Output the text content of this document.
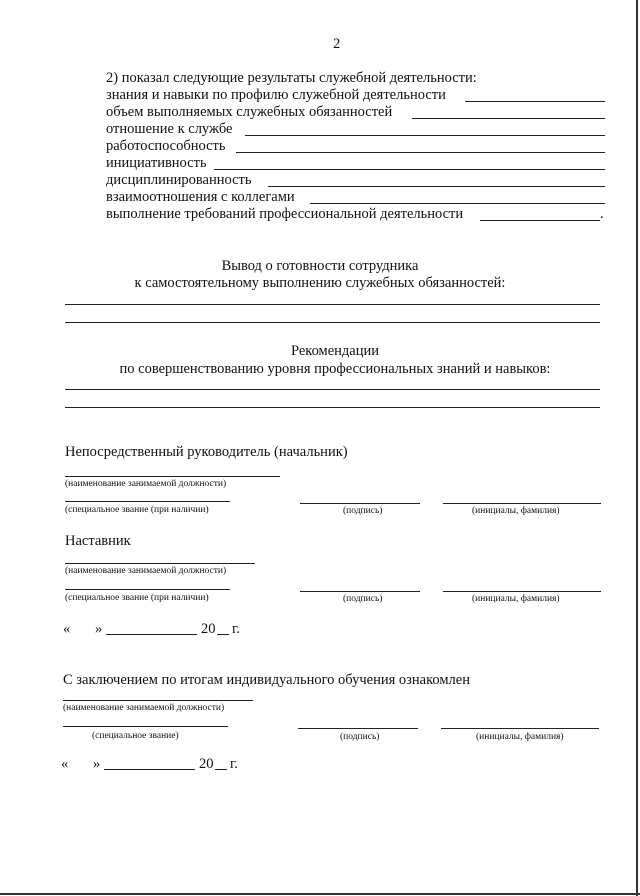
2
2) показал следующие результаты служебной деятельности:
знания и навыки по профилю служебной деятельности
объем выполняемых служебных обязанностей
отношение к службе
работоспособность
инициативность
дисциплинированность
взаимоотношения с коллегами
выполнение требований профессиональной деятельности	.
Вывод о готовности сотрудника
к самостоятельному выполнению служебных обязанностей:
Рекомендации
по совершенствованию уровня профессиональных знаний и навыков:
Непосредственный руководитель (начальник)
(наименование занимаемой должности)
(специальное звание (при наличии)	(подпись)	(инициалы, фамилия)
Наставник
(наименование занимаемой должности)
(специальное звание (при наличии)	(подпись)	(инициалы, фамилия)
« »	20 г.
С заключением по итогам индивидуального обучения ознакомлен
(наименование занимаемой должности)
(специальное звание)	(подпись)	(инициалы, фамилия)
« »	20 г.
